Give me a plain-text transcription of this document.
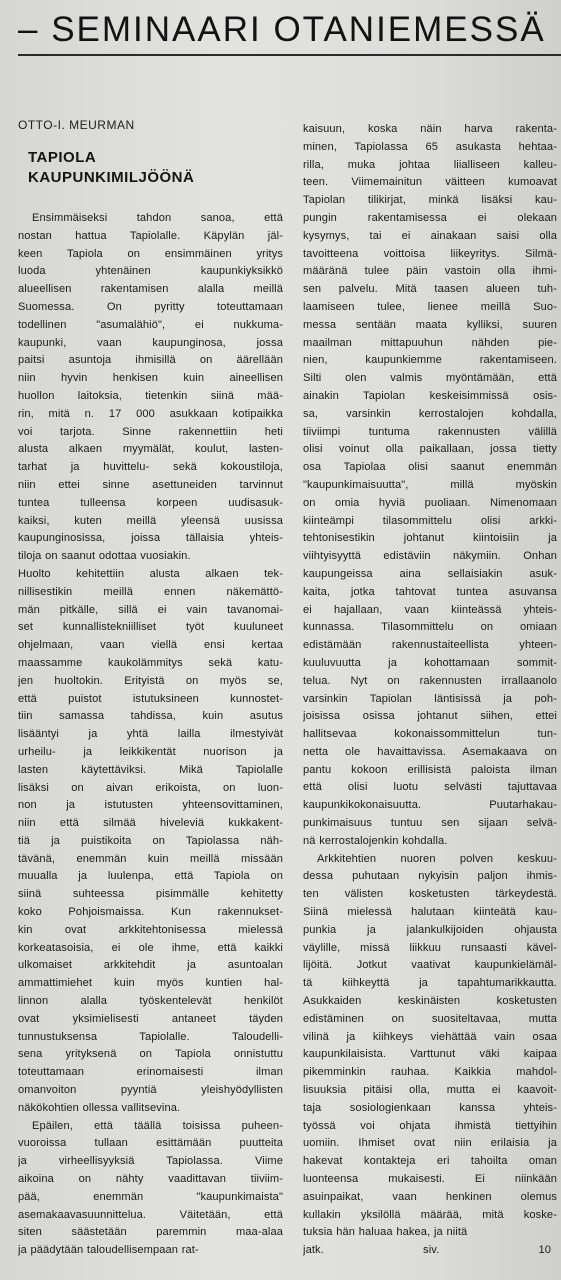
– SEMINAARI OTANIEMESSÄ
OTTO-I. MEURMAN
TAPIOLA
KAUPUNKIMILJÖÖNÄ
Ensimmäiseksi tahdon sanoa, että
nostan hattua Tapiolalle. Käpylän jäl-
keen Tapiola on ensimmäinen yritys
luoda yhtenäinen kaupunkiyksikkö
alueellisen rakentamisen alalla meillä
Suomessa. On pyritty toteuttamaan
todellinen "asumalähiö", ei nukkuma-
kaupunki, vaan kaupunginosa, jossa
paitsi asuntoja ihmisillä on äärellään
niin hyvin henkisen kuin aineellisen
huollon laitoksia, tietenkin siinä mää-
rin, mitä n. 17 000 asukkaan kotipaikka
voi tarjota. Sinne rakennettiin heti
alusta alkaen myymälät, koulut, lasten-
tarhat ja huvittelu- sekä kokoustiloja,
niin ettei sinne asettuneiden tarvinnut
tuntea tulleensa korpeen uudisasuk-
kaiksi, kuten meillä yleensä uusissa
kaupunginosissa, joissa tällaisia yhteis-
tiloja on saanut odottaa vuosiakin.
Huolto kehitettiin alusta alkaen tek-
nillisestikin meillä ennen näkemättö-
män pitkälle, sillä ei vain tavanomai-
set kunnallistekniilliset työt kuuluneet
ohjelmaan, vaan viellä ensi kertaa
maassamme kaukolämmitys sekä katu-
jen huoltokin. Erityistä on myös se,
että puistot istutuksineen kunnostet-
tiin samassa tahdissa, kuin asutus
lisääntyi ja yhtä lailla ilmestyivät
urheilu- ja leikkikentät nuorison ja
lasten käytettäviksi. Mikä Tapiolalle
lisäksi on aivan erikoista, on luon-
non ja istutusten yhteensovittaminen,
niin että silmää hiveleviä kukkakent-
tiä ja puistikoita on Tapiolassa näh-
tävänä, enemmän kuin meillä missään
muualla ja luulenpa, että Tapiola on
siinä suhteessa pisimmälle kehitetty
koko Pohjoismaissa. Kun rakennukset-
kin ovat arkkitehtonisessa mielessä
korkeatasoisia, ei ole ihme, että kaikki
ulkomaiset arkkitehdit ja asuntoalan
ammattimiehet kuin myös kuntien hal-
linnon alalla työskentelevät henkilöt
ovat yksimielisesti antaneet täyden
tunnustuksensa Tapiolalle. Taloudelli-
sena yrityksenä on Tapiola onnistuttu
toteuttamaan erinomaisesti ilman
omanvoiton pyyntiä yleishyödyllisten
näkökohtien ollessa vallitsevina.
Epäilen, että täällä toisissa puheen-
vuoroissa tullaan esittämään puutteita
ja virheellisyyksiä Tapiolassa. Viime
aikoina on nähty vaadittavan tiiviim-
pää, enemmän "kaupunkimaista"
asemakaavasuunnittelua. Väitetään, että
siten säästetään paremmin maa-alaa
ja päädytään taloudellisempaan rat-
kaisuun, koska näin harva rakenta-
minen, Tapiolassa 65 asukasta hehtaa-
rilla, muka johtaa liialliseen kalleu-
teen. Viimemainitun väitteen kumoavat
Tapiolan tilikirjat, minkä lisäksi kau-
pungin rakentamisessa ei olekaan
kysymys, tai ei ainakaan saisi olla
tavoitteena voittoisa liikeyritys. Silmä-
määränä tulee päin vastoin olla ihmi-
sen palvelu. Mitä taasen alueen tuh-
laamiseen tulee, lienee meillä Suo-
messa sentään maata kylliksi, suuren
maailman mittapuuhun nähden pie-
nien, kaupunkiemme rakentamiseen.
Silti olen valmis myöntämään, että
ainakin Tapiolan keskeisimmissä osis-
sa, varsinkin kerrostalojen kohdalla,
tiiviimpi tuntuma rakennusten välillä
olisi voinut olla paikallaan, jossa tietty
osa Tapiolaa olisi saanut enemmän
"kaupunkimaisuutta", millä myöskin
on omia hyviä puoliaan. Nimenomaan
kiinteämpi tilasommittelu olisi arkki-
tehtonisestikin johtanut kiintoisiin ja
viihtyisyyttä edistäviin näkymiin. Onhan
kaupungeissa aina sellaisiakin asuk-
kaita, jotka tahtovat tuntea asuvansa
ei hajallaan, vaan kiinteässä yhteis-
kunnassa. Tilasommittelu on omiaan
edistämään rakennustaiteellista yhteen-
kuuluvuutta ja kohottamaan sommit-
telua. Nyt on rakennusten irrallaanolo
varsinkin Tapiolan läntisissä ja poh-
joisissa osissa johtanut siihen, ettei
hallitsevaa kokonaissommittelun tun-
netta ole havaittavissa. Asemakaava on
pantu kokoon erillisistä paloista ilman
että olisi luotu selvästi tajuttavaa
kaupunkikokonaisuutta. Puutarhakau-
punkimaisuus tuntuu sen sijaan selvä-
nä kerrostalojenkin kohdalla.
Arkkitehtien nuoren polven keskuu-
dessa puhutaan nykyisin paljon ihmis-
ten välisten kosketusten tärkeydestä.
Siinä mielessä halutaan kiinteätä kau-
punkia ja jalankulkijoiden ohjausta
väylille, missä liikkuu runsaasti kävel-
lijöitä. Jotkut vaativat kaupunkielämäl-
tä kiihkeyttä ja tapahtumarikkautta.
Asukkaiden keskinäisten kosketusten
edistäminen on suositeltavaa, mutta
vilinä ja kiihkeys viehättää vain osaa
kaupunkilaisista. Varttunut väki kaipaa
pikemminkin rauhaa. Kaikkia mahdol-
lisuuksia pitäisi olla, mutta ei kaavoit-
taja sosiologienkaan kanssa yhteis-
työssä voi ohjata ihmistä tiettyihin
uomiin. Ihmiset ovat niin erilaisia ja
hakevat kontakteja eri tahoilta oman
luonteensa mukaisesti. Ei niinkään
asuinpaikat, vaan henkinen olemus
kullakin yksilöllä määrää, mitä koske-
tuksia hän haluaa hakea, ja niitä
jatk. siv. 10
